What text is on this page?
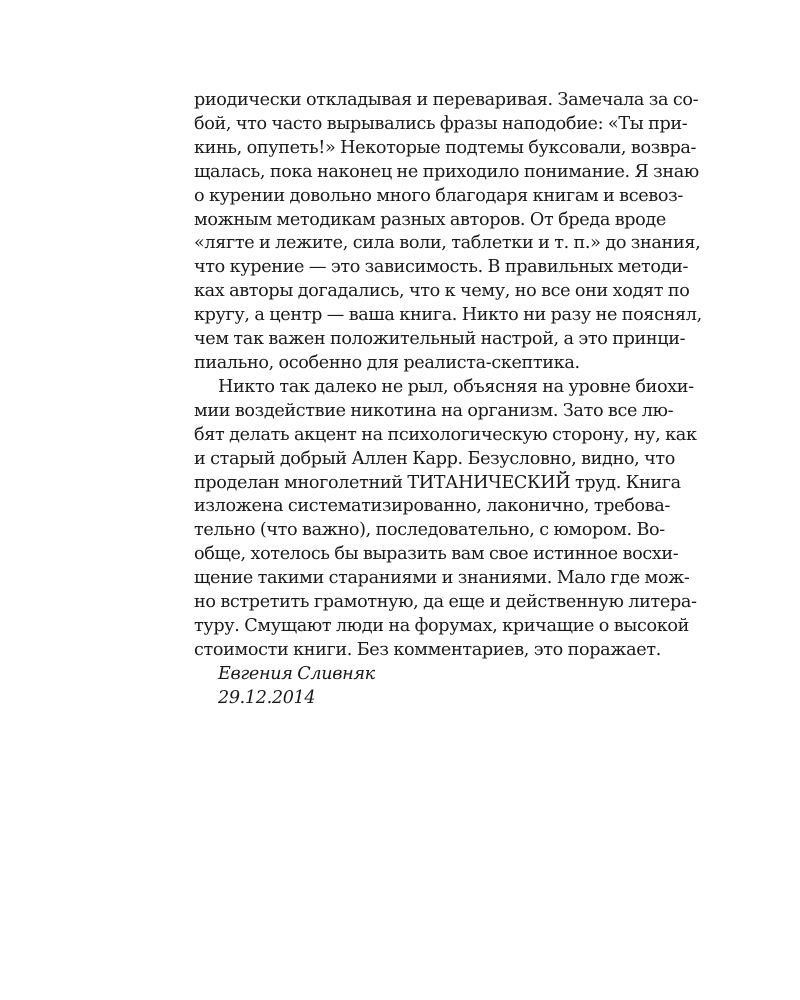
риодически откладывая и переваривая. Замечала за со-
бой, что часто вырывались фразы наподобие: «Ты при-
кинь, опупеть!» Некоторые подтемы буксовали, возвра-
щалась, пока наконец не приходило понимание. Я знаю
о курении довольно много благодаря книгам и всевоз-
можным методикам разных авторов. От бреда вроде
«лягте и лежите, сила воли, таблетки и т. п.» до знания,
что курение — это зависимость. В правильных методи-
ках авторы догадались, что к чему, но все они ходят по
кругу, а центр — ваша книга. Никто ни разу не пояснял,
чем так важен положительный настрой, а это принци-
пиально, особенно для реалиста-скептика.
Никто так далеко не рыл, объясняя на уровне биохи-
мии воздействие никотина на организм. Зато все лю-
бят делать акцент на психологическую сторону, ну, как
и старый добрый Аллен Карр. Безусловно, видно, что
проделан многолетний ТИТАНИЧЕСКИЙ труд. Книга
изложена систематизированно, лаконично, требова-
тельно (что важно), последовательно, с юмором. Во-
обще, хотелось бы выразить вам свое истинное восхи-
щение такими стараниями и знаниями. Мало где мож-
но встретить грамотную, да еще и действенную литера-
туру. Смущают люди на форумах, кричащие о высокой
стоимости книги. Без комментариев, это поражает.
Евгения Сливняк
29.12.2014
